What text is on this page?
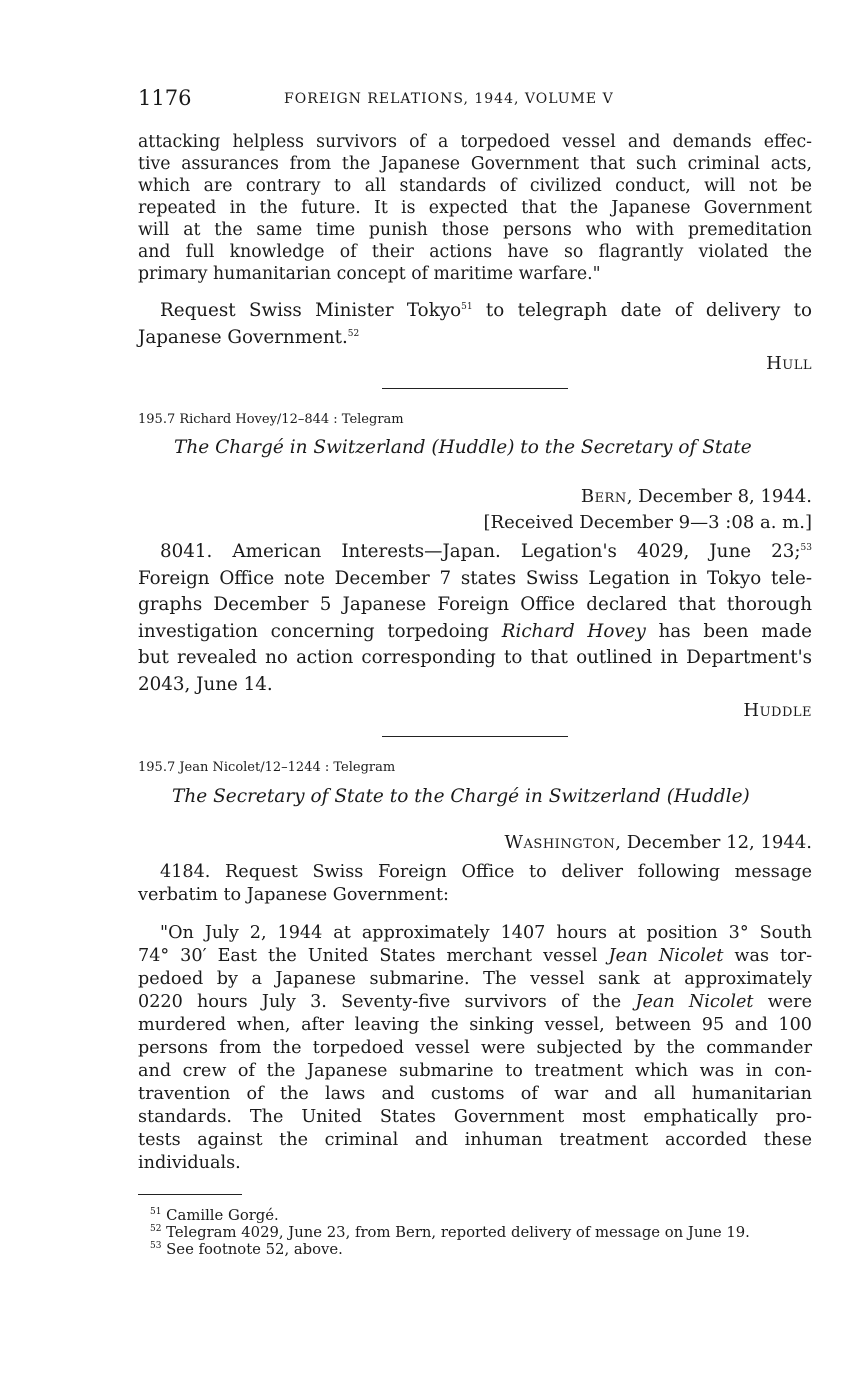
1176	FOREIGN RELATIONS, 1944, VOLUME V
attacking helpless survivors of a torpedoed vessel and demands effec-
tive assurances from the Japanese Government that such criminal acts,
which are contrary to all standards of civilized conduct, will not be
repeated in the future. It is expected that the Japanese Government
will at the same time punish those persons who with premeditation
and full knowledge of their actions have so flagrantly violated the
primary humanitarian concept of maritime warfare."
Request Swiss Minister Tokyo$^{51}$ to telegraph date of delivery to
Japanese Government.$^{52}$
Hull
195.7 Richard Hovey/12–844 : Telegram
The Chargé in Switzerland (Huddle) to the Secretary of State
Bern, December 8, 1944.
[Received December 9—3 :08 a. m.]
8041. American Interests—Japan. Legation's 4029, June 23;$^{53}$
Foreign Office note December 7 states Swiss Legation in Tokyo tele-
graphs December 5 Japanese Foreign Office declared that thorough
investigation concerning torpedoing Richard Hovey has been made
but revealed no action corresponding to that outlined in Department's
2043, June 14.
Huddle
195.7 Jean Nicolet/12–1244 : Telegram
The Secretary of State to the Chargé in Switzerland (Huddle)
Washington, December 12, 1944.
4184. Request Swiss Foreign Office to deliver following message
verbatim to Japanese Government:
"On July 2, 1944 at approximately 1407 hours at position 3° South
74° 30′ East the United States merchant vessel Jean Nicolet was tor-
pedoed by a Japanese submarine. The vessel sank at approximately
0220 hours July 3. Seventy-five survivors of the Jean Nicolet were
murdered when, after leaving the sinking vessel, between 95 and 100
persons from the torpedoed vessel were subjected by the commander
and crew of the Japanese submarine to treatment which was in con-
travention of the laws and customs of war and all humanitarian
standards. The United States Government most emphatically pro-
tests against the criminal and inhuman treatment accorded these
individuals.
$^{51}$ Camille Gorgé.
$^{52}$ Telegram 4029, June 23, from Bern, reported delivery of message on June 19.
$^{53}$ See footnote 52, above.
